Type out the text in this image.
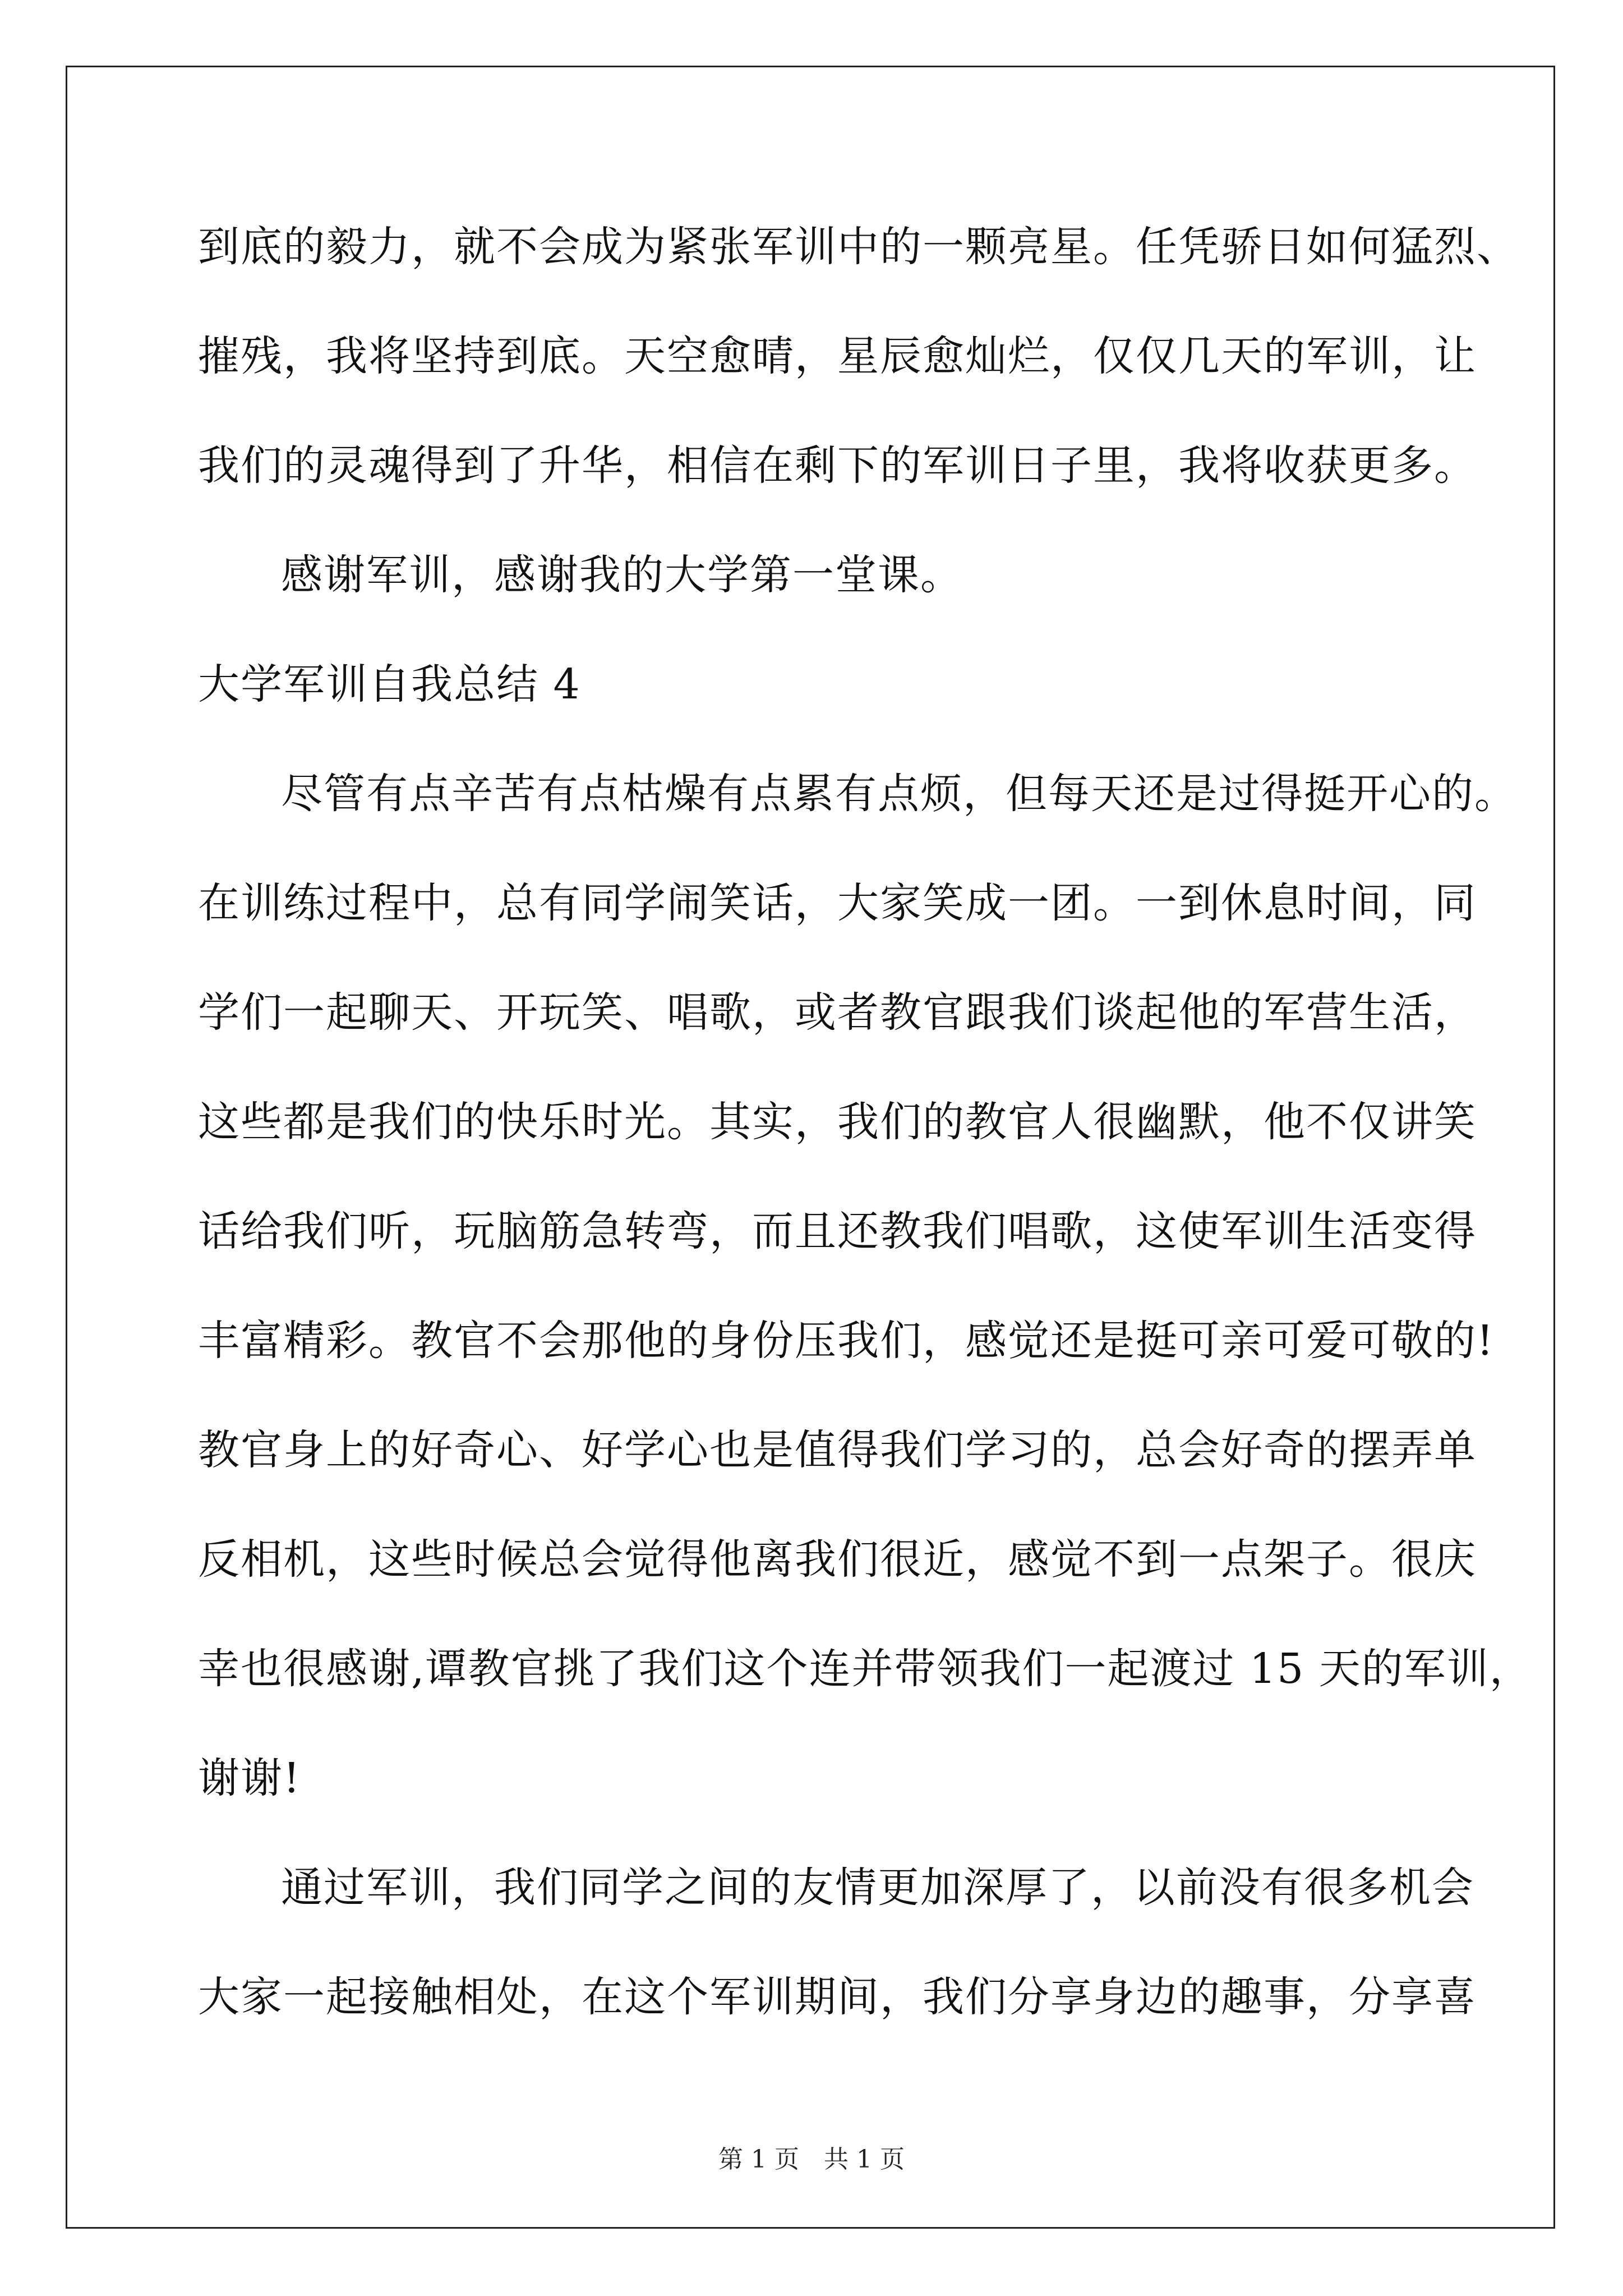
到底的毅力，就不会成为紧张军训中的一颗亮星。任凭骄日如何猛烈、
摧残，我将坚持到底。天空愈晴，星辰愈灿烂，仅仅几天的军训，让
我们的灵魂得到了升华，相信在剩下的军训日子里，我将收获更多。
感谢军训，感谢我的大学第一堂课。
大学军训自我总结 4
尽管有点辛苦有点枯燥有点累有点烦，但每天还是过得挺开心的。
在训练过程中，总有同学闹笑话，大家笑成一团。一到休息时间，同
学们一起聊天、开玩笑、唱歌，或者教官跟我们谈起他的军营生活，
这些都是我们的快乐时光。其实，我们的教官人很幽默，他不仅讲笑
话给我们听，玩脑筋急转弯，而且还教我们唱歌，这使军训生活变得
丰富精彩。教官不会那他的身份压我们，感觉还是挺可亲可爱可敬的!
教官身上的好奇心、好学心也是值得我们学习的，总会好奇的摆弄单
反相机，这些时候总会觉得他离我们很近，感觉不到一点架子。很庆
幸也很感谢,谭教官挑了我们这个连并带领我们一起渡过 15 天的军训，
谢谢!
通过军训，我们同学之间的友情更加深厚了，以前没有很多机会
大家一起接触相处，在这个军训期间，我们分享身边的趣事，分享喜
第 1 页　共 1 页
